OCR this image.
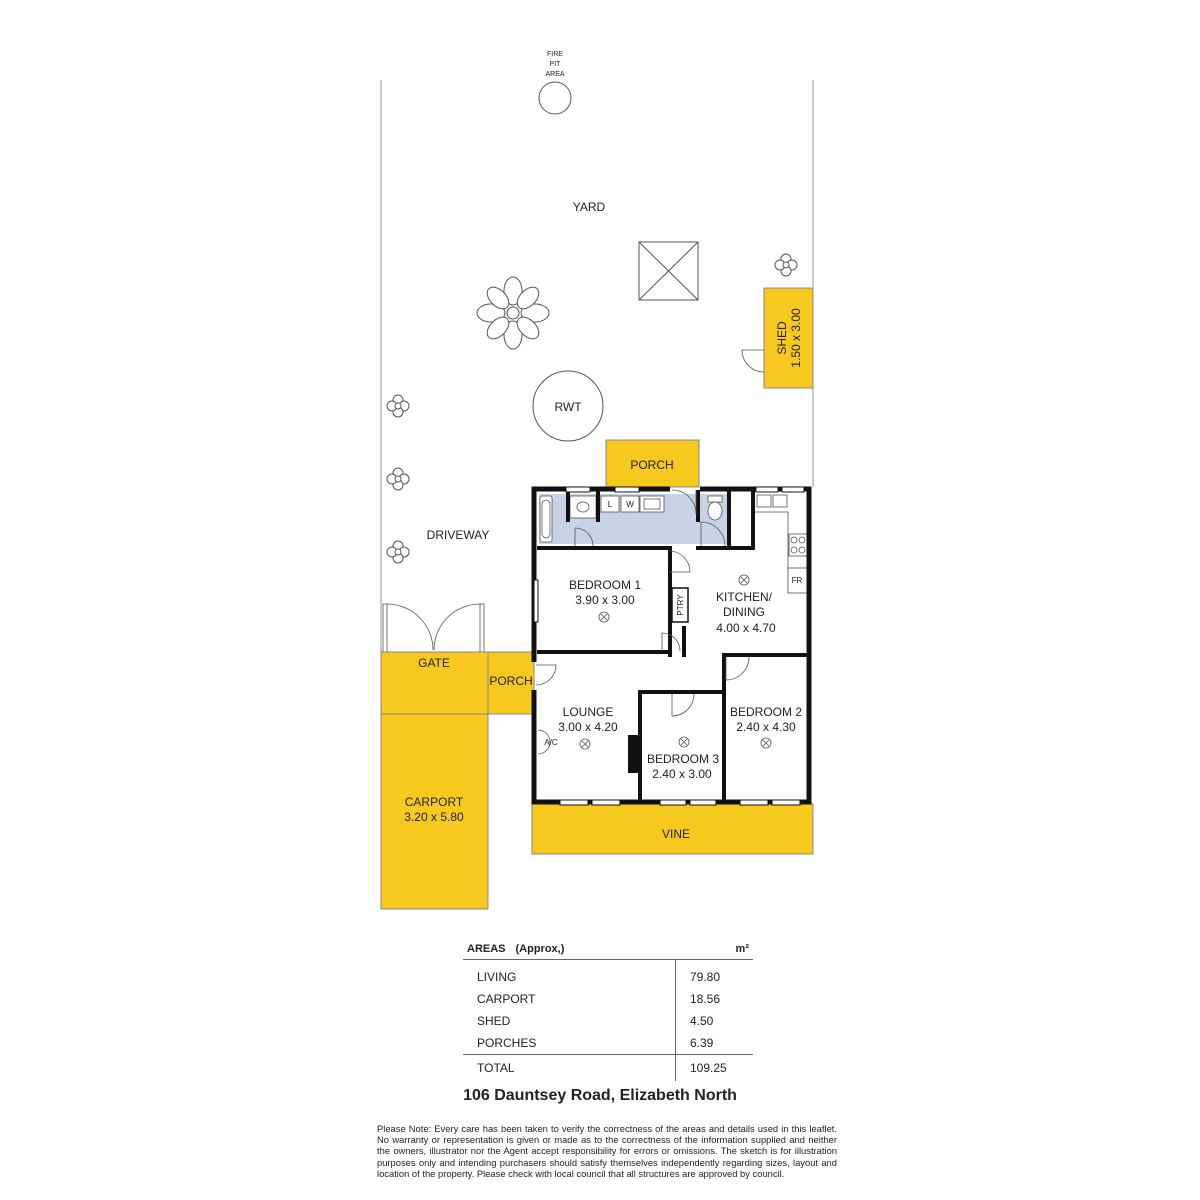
FIRE
PIT
AREA
YARD
RWT
SHED 1.50 x 3.00
PORCH
DRIVEWAY
GATE
PORCH
CARPORT
3.20 x 5.80
VINE
L W
FR
PTRY
A/C
BEDROOM 1
3.90 x 3.00	KITCHEN/
DINING
4.00 x 4.70
LOUNGE
3.00 x 4.20
BEDROOM 3
2.40 x 3.00
BEDROOM 2
2.40 x 4.30
AREAS (Approx,)	m²
LIVING	79.80
CARPORT	18.56
SHED	4.50
PORCHES	6.39
TOTAL	109.25
106 Dauntsey Road, Elizabeth North
Please Note: Every care has been taken to verify the correctness of the areas and details used in this leaflet. No warranty or representation is given or made as to the correctness of the information supplied and neither the owners, illustrator nor the Agent accept responsibility for errors or omissions. The sketch is for illustration purposes only and intending purchasers should satisfy themselves independently regarding sizes, layout and location of the property. Please check with local council that all structures are approved by council.
